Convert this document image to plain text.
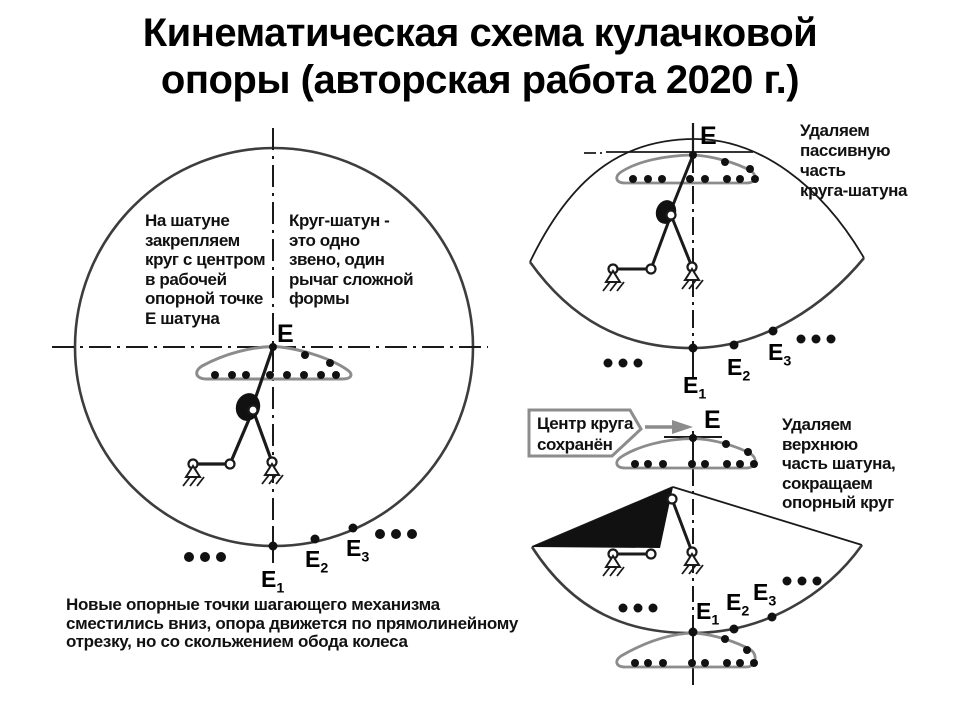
Кинематическая схема кулачковой
опоры (авторская работа 2020 г.)
На шатуне
закрепляем
круг с центром
в рабочей
опорной точке
Е шатуна
Круг-шатун -
это одно
звено, один
рычаг сложной
формы
Новые опорные точки шагающего механизма
сместились вниз, опора движется по прямолинейному
отрезку, но со скольжением обода колеса
Удаляем
пассивную
часть
круга-шатуна
Удаляем
верхнюю
часть шатуна,
сокращаем
опорный круг
Центр круга
сохранён
E
$E_1$
$E_2$
$E_3$
E
$E_1$
$E_2$
$E_3$
E
$E_1$
$E_2$
$E_3$
